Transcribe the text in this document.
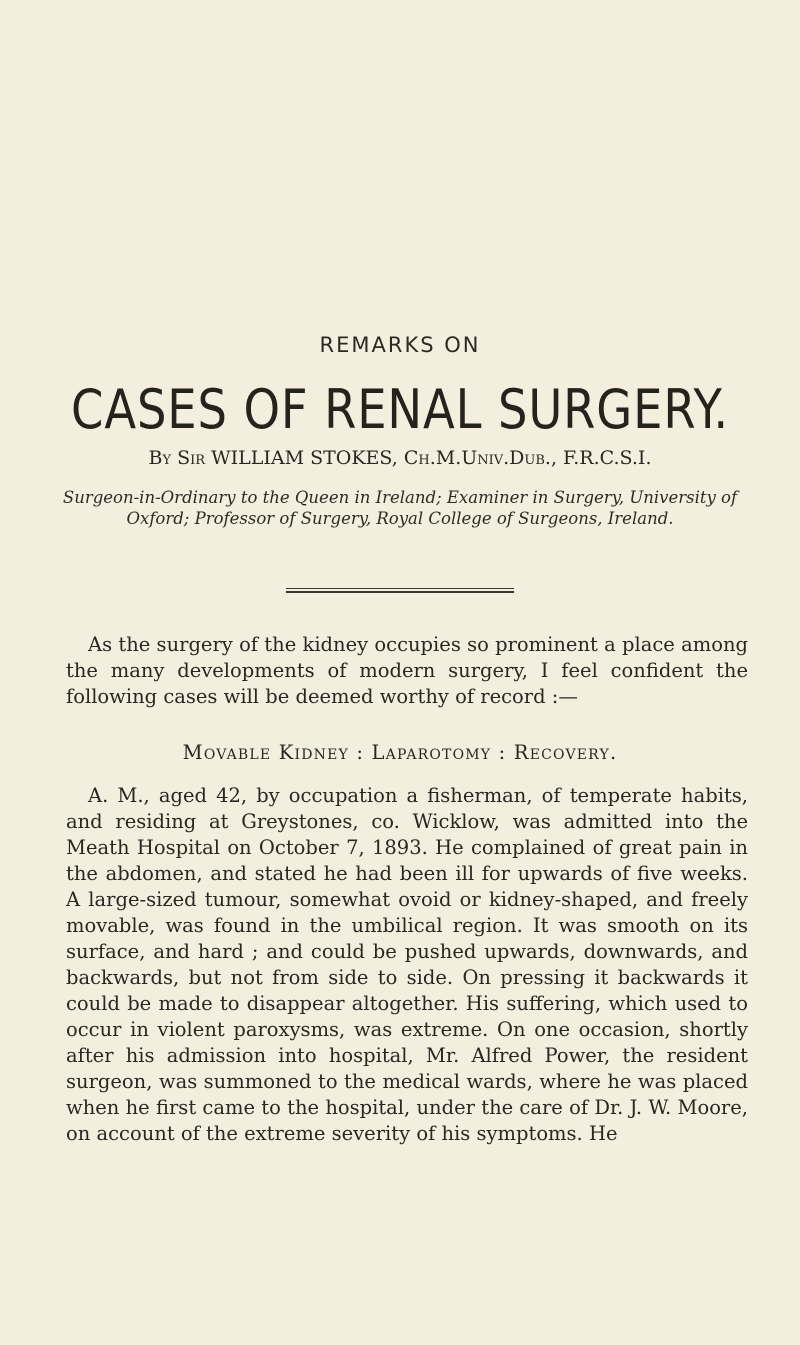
REMARKS ON
CASES OF RENAL SURGERY.
By Sir WILLIAM STOKES, Ch.M.Univ.Dub., F.R.C.S.I.
Surgeon-in-Ordinary to the Queen in Ireland; Examiner in Surgery, University of Oxford; Professor of Surgery, Royal College of Surgeons, Ireland.

As the surgery of the kidney occupies so prominent a place among the many developments of modern surgery, I feel confident the following cases will be deemed worthy of record :—

Movable Kidney : Laparotomy : Recovery.

A. M., aged 42, by occupation a fisherman, of temperate habits, and residing at Greystones, co. Wicklow, was admitted into the Meath Hospital on October 7, 1893. He complained of great pain in the abdomen, and stated he had been ill for upwards of five weeks. A large-sized tumour, somewhat ovoid or kidney-shaped, and freely movable, was found in the umbilical region. It was smooth on its surface, and hard ; and could be pushed upwards, downwards, and backwards, but not from side to side. On pressing it backwards it could be made to disappear altogether. His suffering, which used to occur in violent paroxysms, was extreme. On one occasion, shortly after his admission into hospital, Mr. Alfred Power, the resident surgeon, was summoned to the medical wards, where he was placed when he first came to the hospital, under the care of Dr. J. W. Moore, on account of the extreme severity of his symptoms. He
